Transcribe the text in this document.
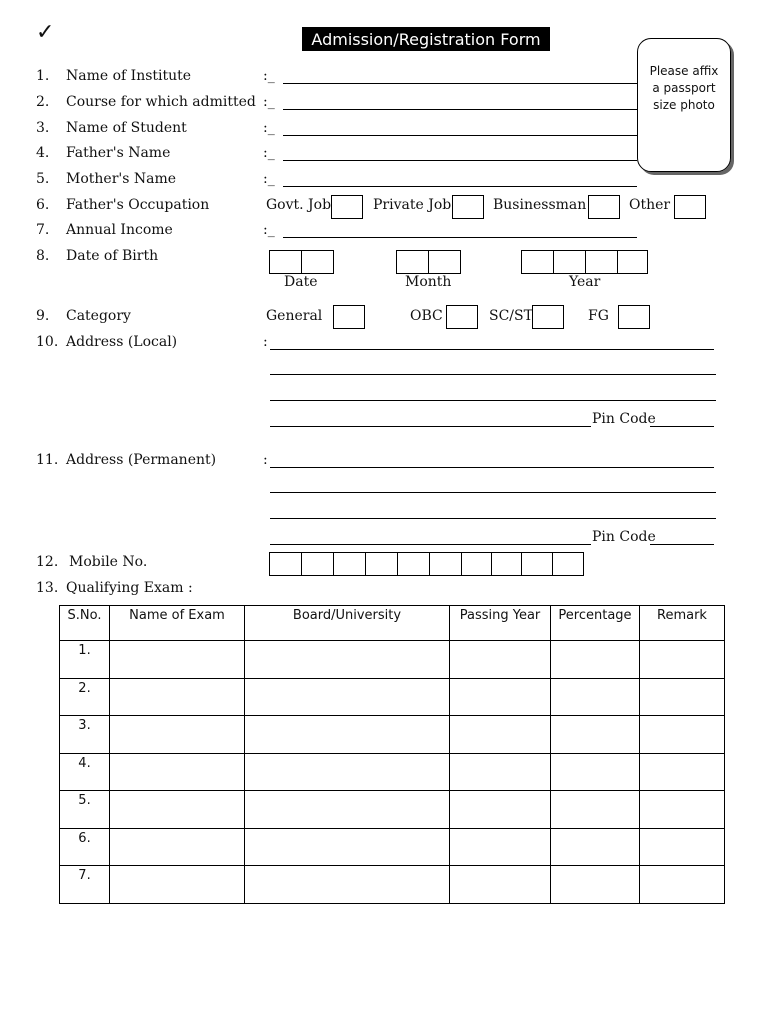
✓	Admission/Registration Form
Please affix
a passport
size photo
1. Name of Institute	:_
2. Course for which admitted :_
3. Name of Student	:_
4. Father's Name	:_
5. Mother's Name	:_
6. Father's Occupation	Govt. Job	Private Job	Businessman	Other
7. Annual Income	:_
8. Date of Birth
Date	Month	Year
9. Category	General	OBC	SC/ST	FG
10. Address (Local)	:
Pin Code
11. Address (Permanent)	:
Pin Code
12. Mobile No.
13. Qualifying Exam :
S.No.	Name of Exam	Board/University	Passing Year	Percentage	Remark
1.					
2.					
3.					
4.					
5.					
6.					
7.					
